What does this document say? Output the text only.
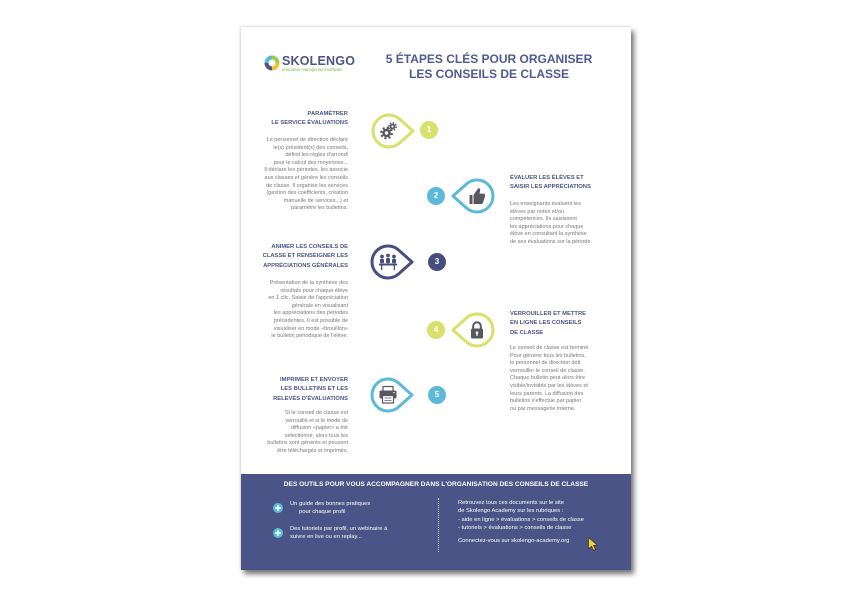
SKOLENGO
education management software
5 ÉTAPES CLÉS POUR ORGANISER
LES CONSEILS DE CLASSE
PARAMÉTRER
LE SERVICE ÉVALUATIONS
Le personnel de direction déclare
le(s) président(s) des conseils,
définit les règles d'arrondi
pour le calcul des moyennes...
Il déclare les périodes, les associe
aux classes et génère les conseils
de classe. Il organise les services
(gestion des coefficients, création
manuelle de services...) et
paramètre les bulletins.
1
2
ÉVALUER LES ÉLÈVES ET
SAISIR LES APPRÉCIATIONS
Les enseignants évaluent les
élèves par notes et/ou
compétences. Ils saisissent
les appréciations pour chaque
élève en consultant la synthèse
de ses évaluations sur la période.
ANIMER LES CONSEILS DE
CLASSE ET RENSEIGNER LES
APPRÉCIATIONS GÉNÉRALES
Présentation de la synthèse des
résultats pour chaque élève
en 1 clic. Saisie de l'appréciation
générale en visualisant
les appréciations des périodes
précédentes. Il est possible de
visualiser en mode «brouillon»
le bulletin périodique de l'élève.
3
4
VERROUILLER ET METTRE
EN LIGNE LES CONSEILS
DE CLASSE
Le conseil de classe est terminé.
Pour générer tous les bulletins,
le personnel de direction doit
verrouiller le conseil de classe.
Chaque bulletin peut alors être
visible/invisible par les élèves et
leurs parents. La diffusion des
bulletins s'effectue par papier
ou par messagerie interne.
IMPRIMER ET ENVOYER
LES BULLETINS ET LES
RELEVÉS D'ÉVALUATIONS
Si le conseil de classe est
verrouillé et si le mode de
diffusion «papier» a été
sélectionné, alors tous les
bulletins sont générés et peuvent
être téléchargés et imprimés.
5
DES OUTILS POUR VOUS ACCOMPAGNER DANS L'ORGANISATION DES CONSEILS DE CLASSE
Un guide des bonnes pratiques
pour chaque profil
Des tutoriels par profil, un webinaire à
suivre en live ou en replay...
Retrouvez tous ces documents sur le site
de Skolengo Academy sur les rubriques :
- aide en ligne > évaluations > conseils de classe
- tutoriels > évaluations > conseils de classe
Connectez-vous sur skolengo-academy.org
